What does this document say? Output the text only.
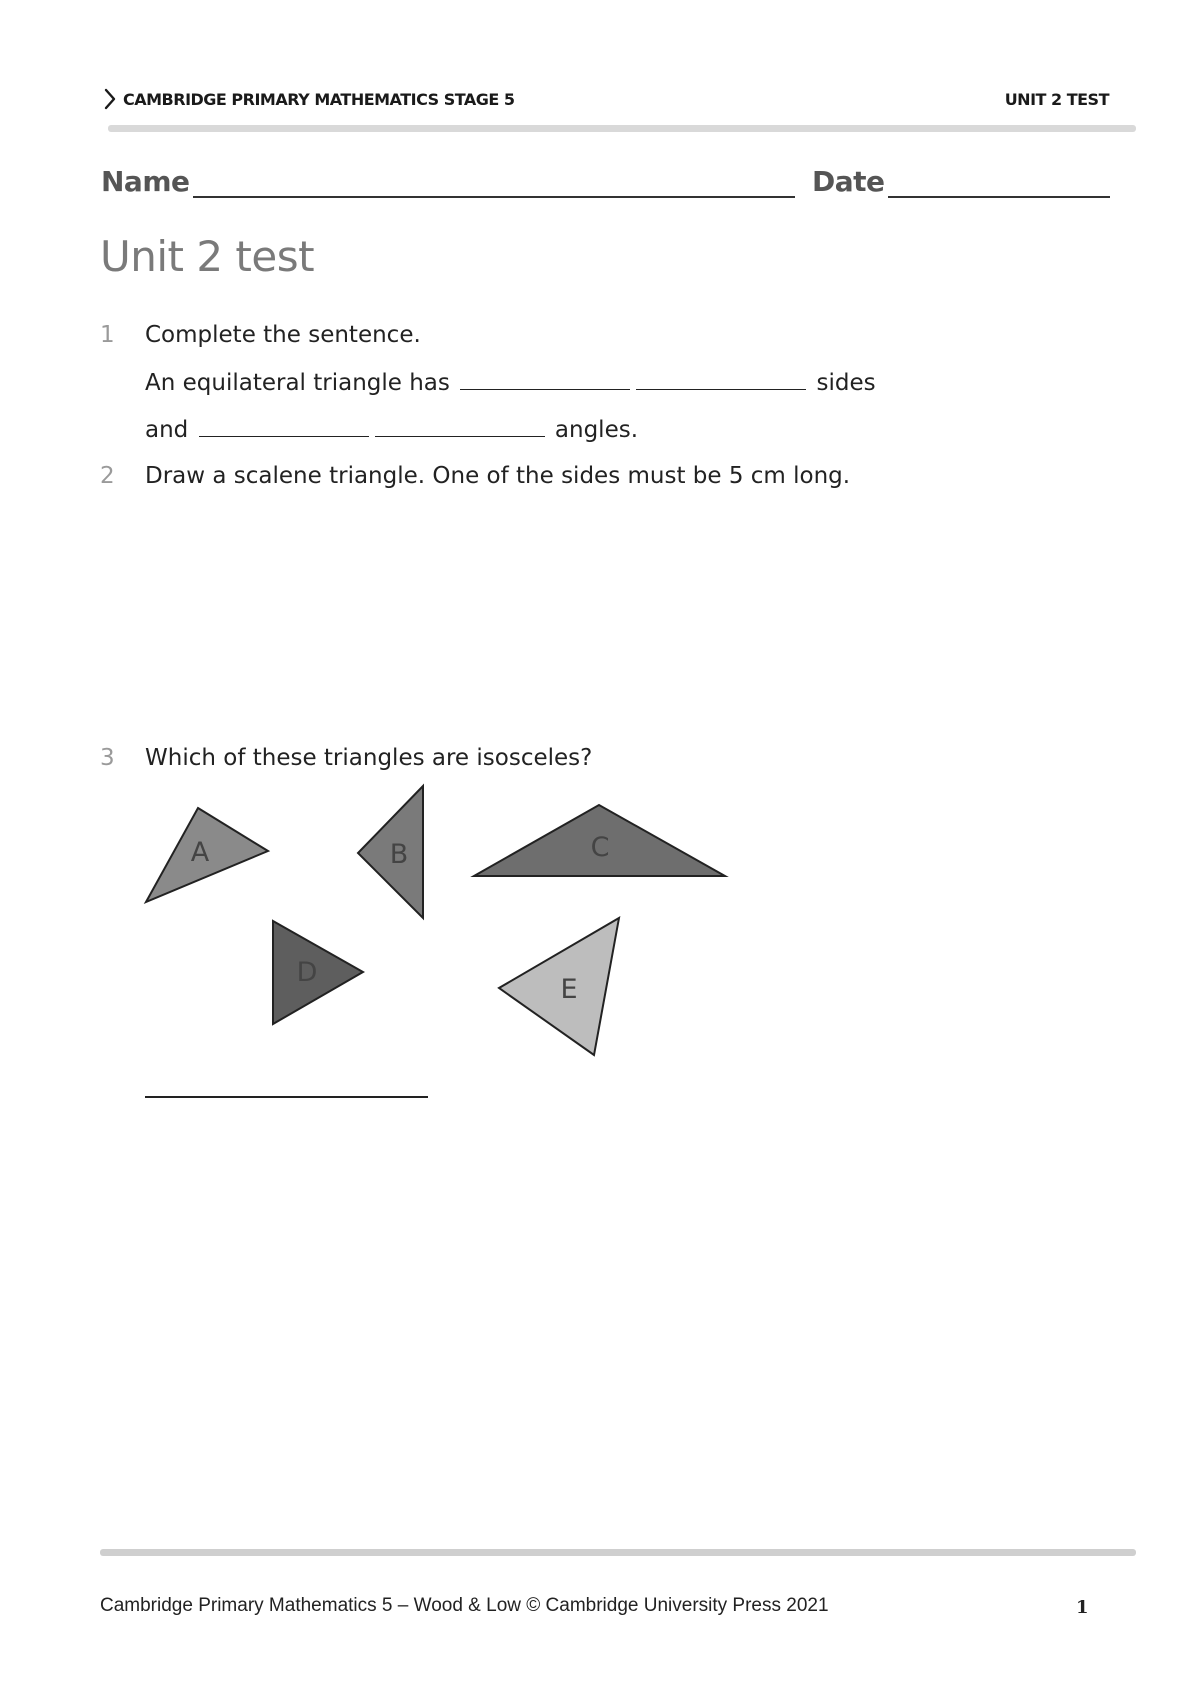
CAMBRIDGE PRIMARY MATHEMATICS STAGE 5	UNIT 2 TEST
Name	Date
Unit 2 test
1 Complete the sentence.
An equilateral triangle has	sides
and	angles.
2 Draw a scalene triangle. One of the sides must be 5 cm long.
3 Which of these triangles are isosceles?
A	B	C
D
E
Cambridge Primary Mathematics 5 – Wood & Low © Cambridge University Press 2021	1
